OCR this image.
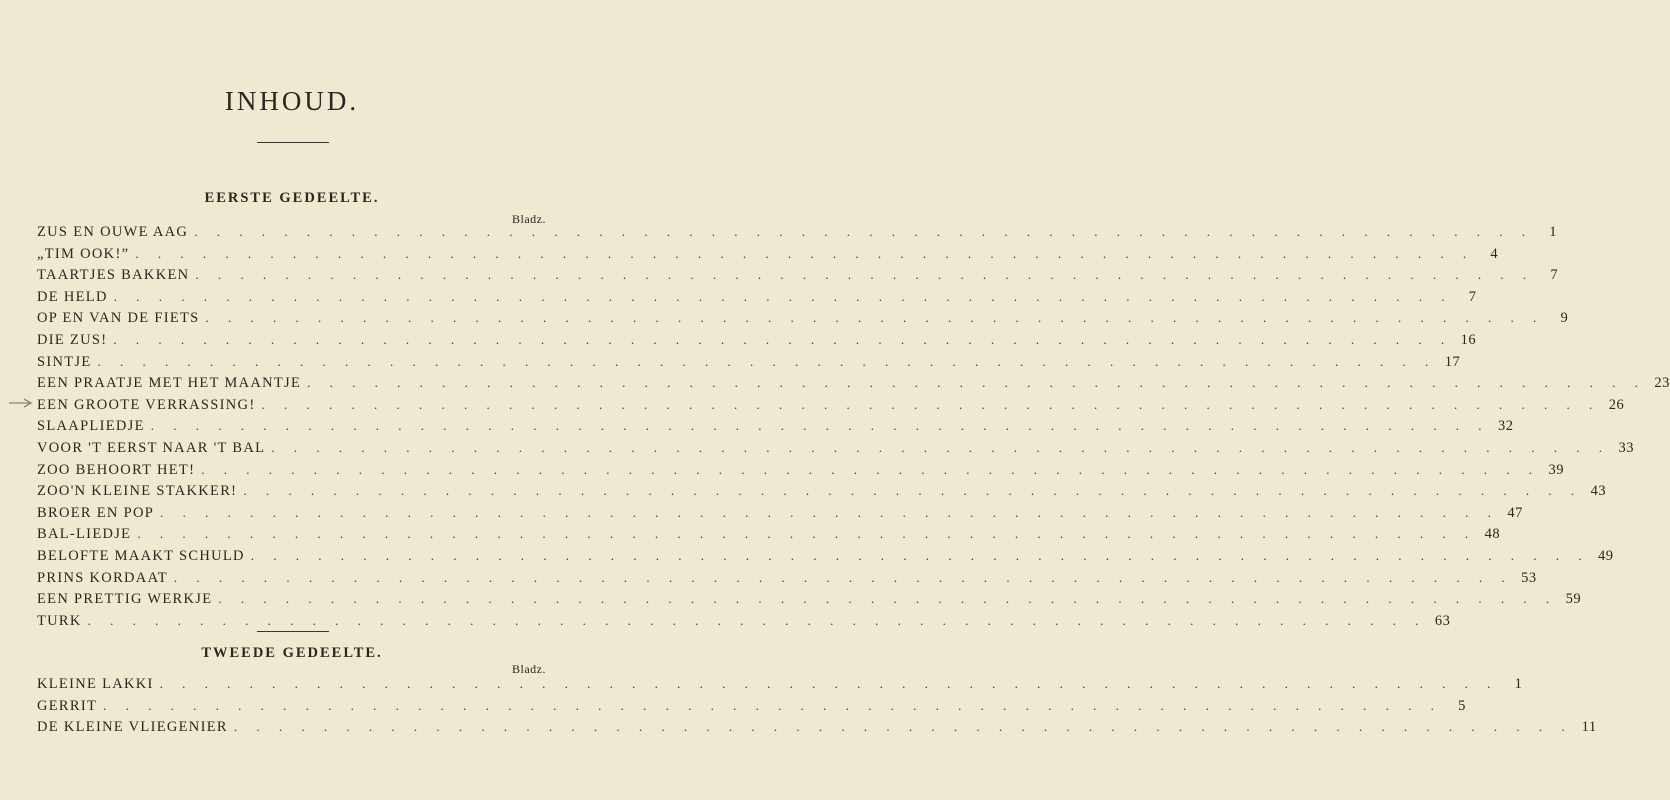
INHOUD.
EERSTE GEDEELTE.
Bladz.
ZUS EN OUWE AAG . . . . . . . . . . . . . . . . . . . . . . . . . . . . . . . . . . . . . . . . . . . . . . . . . . . . . . . . . . . .	1
„TIM OOK!” . . . . . . . . . . . . . . . . . . . . . . . . . . . . . . . . . . . . . . . . . . . . . . . . . . . . . . . . . . . .	4
TAARTJES BAKKEN . . . . . . . . . . . . . . . . . . . . . . . . . . . . . . . . . . . . . . . . . . . . . . . . . . . . . . . . . . . .	7
DE HELD . . . . . . . . . . . . . . . . . . . . . . . . . . . . . . . . . . . . . . . . . . . . . . . . . . . . . . . . . . . .	7
OP EN VAN DE FIETS . . . . . . . . . . . . . . . . . . . . . . . . . . . . . . . . . . . . . . . . . . . . . . . . . . . . . . . . . . . .	9
DIE ZUS! . . . . . . . . . . . . . . . . . . . . . . . . . . . . . . . . . . . . . . . . . . . . . . . . . . . . . . . . . . . . 16
SINTJE . . . . . . . . . . . . . . . . . . . . . . . . . . . . . . . . . . . . . . . . . . . . . . . . . . . . . . . . . . . . 17
EEN PRAATJE MET HET MAANTJE . . . . . . . . . . . . . . . . . . . . . . . . . . . . . . . . . . . . . . . . . . . . . . . . . . . . . . . . . . . . 23
EEN GROOTE VERRASSING! . . . . . . . . . . . . . . . . . . . . . . . . . . . . . . . . . . . . . . . . . . . . . . . . . . . . . . . . . . . . 26
SLAAPLIEDJE . . . . . . . . . . . . . . . . . . . . . . . . . . . . . . . . . . . . . . . . . . . . . . . . . . . . . . . . . . . . 32
VOOR 'T EERST NAAR 'T BAL . . . . . . . . . . . . . . . . . . . . . . . . . . . . . . . . . . . . . . . . . . . . . . . . . . . . . . . . . . . . 33
ZOO BEHOORT HET! . . . . . . . . . . . . . . . . . . . . . . . . . . . . . . . . . . . . . . . . . . . . . . . . . . . . . . . . . . . . 39
ZOO'N KLEINE STAKKER! . . . . . . . . . . . . . . . . . . . . . . . . . . . . . . . . . . . . . . . . . . . . . . . . . . . . . . . . . . . . 43
BROER EN POP . . . . . . . . . . . . . . . . . . . . . . . . . . . . . . . . . . . . . . . . . . . . . . . . . . . . . . . . . . . . 47
BAL-LIEDJE . . . . . . . . . . . . . . . . . . . . . . . . . . . . . . . . . . . . . . . . . . . . . . . . . . . . . . . . . . . . 48
BELOFTE MAAKT SCHULD . . . . . . . . . . . . . . . . . . . . . . . . . . . . . . . . . . . . . . . . . . . . . . . . . . . . . . . . . . . . 49
PRINS KORDAAT . . . . . . . . . . . . . . . . . . . . . . . . . . . . . . . . . . . . . . . . . . . . . . . . . . . . . . . . . . . . 53
EEN PRETTIG WERKJE . . . . . . . . . . . . . . . . . . . . . . . . . . . . . . . . . . . . . . . . . . . . . . . . . . . . . . . . . . . . 59
TURK . . . . . . . . . . . . . . . . . . . . . . . . . . . . . . . . . . . . . . . . . . . . . . . . . . . . . . . . . . . . 63
TWEEDE GEDEELTE.
Bladz.
KLEINE LAKKI . . . . . . . . . . . . . . . . . . . . . . . . . . . . . . . . . . . . . . . . . . . . . . . . . . . . . . . . . . . .	1
GERRIT . . . . . . . . . . . . . . . . . . . . . . . . . . . . . . . . . . . . . . . . . . . . . . . . . . . . . . . . . . . .	5
DE KLEINE VLIEGENIER . . . . . . . . . . . . . . . . . . . . . . . . . . . . . . . . . . . . . . . . . . . . . . . . . . . . . . . . . . . . 11
